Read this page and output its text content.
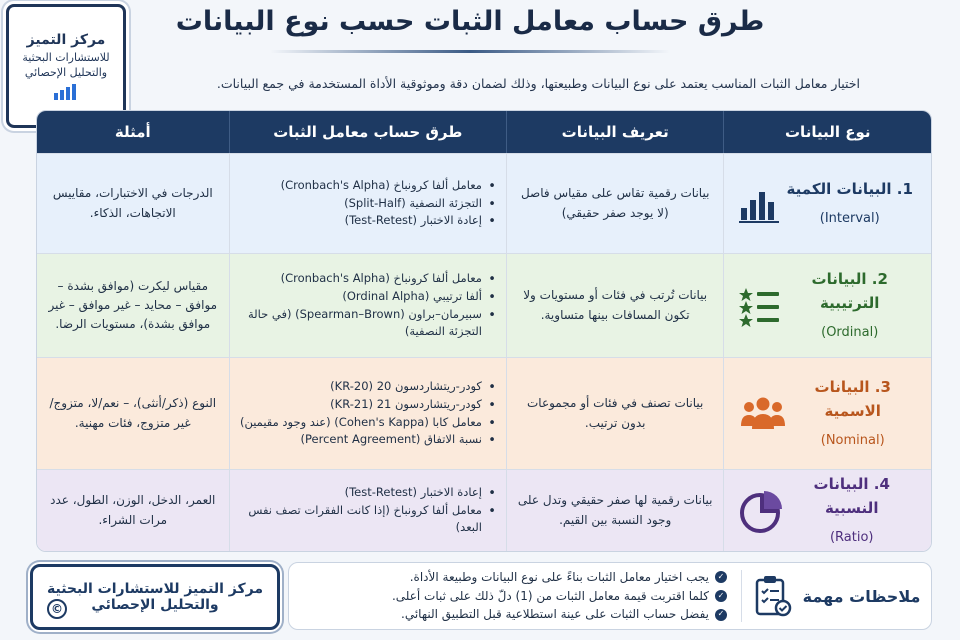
طرق حساب معامل الثبات حسب نوع البيانات
اختيار معامل الثبات المناسب يعتمد على نوع البيانات وطبيعتها، وذلك لضمان دقة وموثوقية الأداة المستخدمة في جمع البيانات.
مركز التميز
للاستشارات البحثية
والتحليل الإحصائي
نوع البيانات
تعريف البيانات
طرق حساب معامل الثبات
أمثلة
1. البيانات الكمية
(Interval)
بيانات رقمية تقاس على مقياس فاصل (لا يوجد صفر حقيقي)
• معامل ألفا كرونباخ (Cronbach's Alpha)
• التجزئة النصفية (Split-Half)
• إعادة الاختبار (Test-Retest)
الدرجات في الاختبارات، مقاييس الاتجاهات، الذكاء.
2. البيانات الترتيبية
(Ordinal)
بيانات تُرتب في فئات أو مستويات ولا تكون المسافات بينها متساوية.
• معامل ألفا كرونباخ (Cronbach's Alpha)
• ألفا ترتيبي (Ordinal Alpha)
• سبيرمان–براون (Spearman–Brown) (في حالة التجزئة النصفية)
مقياس ليكرت (موافق بشدة – موافق – محايد – غير موافق – غير موافق بشدة)، مستويات الرضا.
3. البيانات الاسمية
(Nominal)
بيانات تصنف في فئات أو مجموعات بدون ترتيب.
• كودر-ريتشاردسون 20 (KR-20)
• كودر-ريتشاردسون 21 (KR-21)
• معامل كابا (Cohen's Kappa) (عند وجود مقيمين)
• نسبة الاتفاق (Percent Agreement)
النوع (ذكر/أنثى)، – نعم/لا، متزوج/غير متزوج، فئات مهنية.
4. البيانات النسبية
(Ratio)
بيانات رقمية لها صفر حقيقي وتدل على وجود النسبة بين القيم.
• إعادة الاختبار (Test-Retest)
• معامل ألفا كرونباخ (إذا كانت الفقرات تصف نفس البعد)
العمر، الدخل، الوزن، الطول، عدد مرات الشراء.
ملاحظات مهمة
✓
يجب اختيار معامل الثبات بناءً على نوع البيانات وطبيعة الأداة.
✓
كلما اقتربت قيمة معامل الثبات من (1) دلّ ذلك على ثبات أعلى.
✓
يفضل حساب الثبات على عينة استطلاعية قبل التطبيق النهائي.
مركز التميز للاستشارات البحثية
والتحليل الإحصائي
©
